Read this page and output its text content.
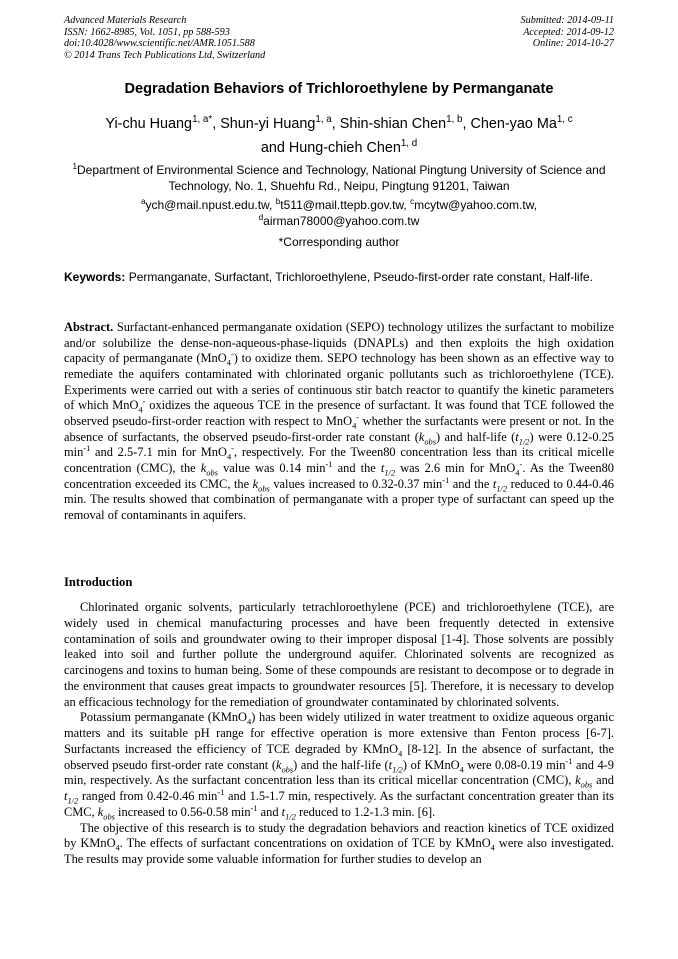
Advanced Materials Research
ISSN: 1662-8985, Vol. 1051, pp 588-593
doi:10.4028/www.scientific.net/AMR.1051.588
© 2014 Trans Tech Publications Ltd, Switzerland
Submitted: 2014-09-11
Accepted: 2014-09-12
Online: 2014-10-27
Degradation Behaviors of Trichloroethylene by Permanganate
Yi-chu Huang$^{1, a*}$, Shun-yi Huang$^{1, a}$, Shin-shian Chen$^{1, b}$, Chen-yao Ma$^{1, c}$
and Hung-chieh Chen$^{1, d}$
$^1$Department of Environmental Science and Technology, National Pingtung University of Science and Technology, No. 1, Shuehfu Rd., Neipu, Pingtung 91201, Taiwan
$^a$ych@mail.npust.edu.tw, $^b$t511@mail.ttepb.gov.tw, $^c$mcytw@yahoo.com.tw,
$^d$airman78000@yahoo.com.tw
*Corresponding author
Keywords: Permanganate, Surfactant, Trichloroethylene, Pseudo-first-order rate constant, Half-life.
Abstract. Surfactant-enhanced permanganate oxidation (SEPO) technology utilizes the surfactant to mobilize and/or solubilize the dense-non-aqueous-phase-liquids (DNAPLs) and then exploits the high oxidation capacity of permanganate (MnO$_4$-) to oxidize them. SEPO technology has been shown as an effective way to remediate the aquifers contaminated with chlorinated organic pollutants such as trichloroethylene (TCE). Experiments were carried out with a series of continuous stir batch reactor to quantify the kinetic parameters of which MnO$_4$- oxidizes the aqueous TCE in the presence of surfactant. It was found that TCE followed the observed pseudo-first-order reaction with respect to MnO$_4$- whether the surfactants were present or not. In the absence of surfactants, the observed pseudo-first-order rate constant $(k_{obs})$ and half-life $(t_{1/2})$ were 0.12-0.25 $\min^{-1}$ and 2.5-7.1 min for MnO$_4$-, respectively. For the Tween80 concentration less than its critical micelle concentration (CMC), the $k_{obs}$ value was 0.14 $\min^{-1}$ and the $t_{1/2}$ was 2.6 min for MnO$_4$-. As the Tween80 concentration exceeded its CMC, the $k_{obs}$ values increased to 0.32-0.37 $\min^{-1}$ and the $t_{1/2}$ reduced to 0.44-0.46 min. The results showed that combination of permanganate with a proper type of surfactant can speed up the removal of contaminants in aquifers.
Introduction

Chlorinated organic solvents, particularly tetrachloroethylene (PCE) and trichloroethylene (TCE), are widely used in chemical manufacturing processes and have been frequently detected in extensive contamination of soils and groundwater owing to their improper disposal [1-4]. Those solvents are possibly leaked into soil and further pollute the underground aquifer. Chlorinated solvents are recognized as carcinogens and toxins to human being. Some of these compounds are resistant to decompose or to degrade in the environment that causes great impacts to groundwater resources [5]. Therefore, it is necessary to develop an efficacious technology for the remediation of groundwater contaminated by chlorinated solvents.

Potassium permanganate (KMnO$_4$) has been widely utilized in water treatment to oxidize aqueous organic matters and its suitable pH range for effective operation is more extensive than Fenton process [6-7]. Surfactants increased the efficiency of TCE degraded by KMnO$_4$ [8-12]. In the absence of surfactant, the observed pseudo first-order rate constant $(k_{obs})$ and the half-life $(t_{1/2})$ of KMnO$_4$ were 0.08-0.19 $\min^{-1}$ and 4-9 min, respectively. As the surfactant concentration less than its critical micellar concentration (CMC), $k_{obs}$ and $t_{1/2}$ ranged from 0.42-0.46 $\min^{-1}$ and 1.5-1.7 min, respectively. As the surfactant concentration greater than its CMC, $k_{obs}$ increased to 0.56-0.58 $\min^{-1}$ and $t_{1/2}$ reduced to 1.2-1.3 min. [6].

The objective of this research is to study the degradation behaviors and reaction kinetics of TCE oxidized by KMnO$_4$. The effects of surfactant concentrations on oxidation of TCE by KMnO$_4$ were also investigated. The results may provide some valuable information for further studies to develop an
